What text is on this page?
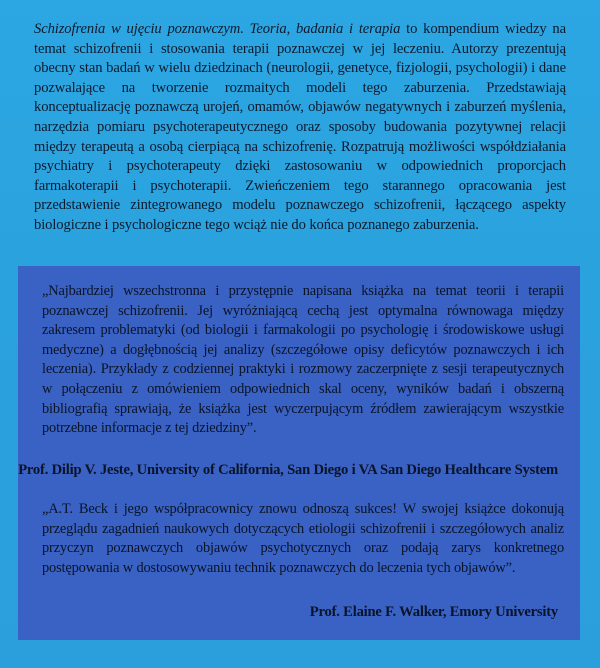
Schizofrenia w ujęciu poznawczym. Teoria, badania i terapia to kompendium wiedzy na temat schizofrenii i stosowania terapii poznawczej w jej leczeniu. Autorzy prezentują obecny stan badań w wielu dziedzinach (neurologii, genetyce, fizjologii, psychologii) i dane pozwalające na tworzenie rozmaitych modeli tego zaburzenia. Przedstawiają konceptualizację poznawczą urojeń, omamów, objawów negatywnych i zaburzeń myślenia, narzędzia pomiaru psychoterapeutycznego oraz sposoby budowania pozytywnej relacji między terapeutą a osobą cierpiącą na schizofrenię. Rozpatrują możliwości współdziałania psychiatry i psychoterapeuty dzięki zastosowaniu w odpowiednich proporcjach farmakoterapii i psychoterapii. Zwieńczeniem tego starannego opracowania jest przedstawienie zintegrowanego modelu poznawczego schizofrenii, łączącego aspekty biologiczne i psychologiczne tego wciąż nie do końca poznanego zaburzenia.

„Najbardziej wszechstronna i przystępnie napisana książka na temat teorii i terapii poznawczej schizofrenii. Jej wyróżniającą cechą jest optymalna równowaga między zakresem problematyki (od biologii i farmakologii po psychologię i środowiskowe usługi medyczne) a dogłębnością jej analizy (szczegółowe opisy deficytów poznawczych i ich leczenia). Przykłady z codziennej praktyki i rozmowy zaczerpnięte z sesji terapeutycznych w połączeniu z omówieniem odpowiednich skal oceny, wyników badań i obszerną bibliografią sprawiają, że książka jest wyczerpującym źródłem zawierającym wszystkie potrzebne informacje z tej dziedziny”.

Prof. Dilip V. Jeste, University of California, San Diego i VA San Diego Healthcare System

„A.T. Beck i jego współpracownicy znowu odnoszą sukces! W swojej książce dokonują przeglądu zagadnień naukowych dotyczących etiologii schizofrenii i szczegółowych analiz przyczyn poznawczych objawów psychotycznych oraz podają zarys konkretnego postępowania w dostosowywaniu technik poznawczych do leczenia tych objawów”.

Prof. Elaine F. Walker, Emory University
